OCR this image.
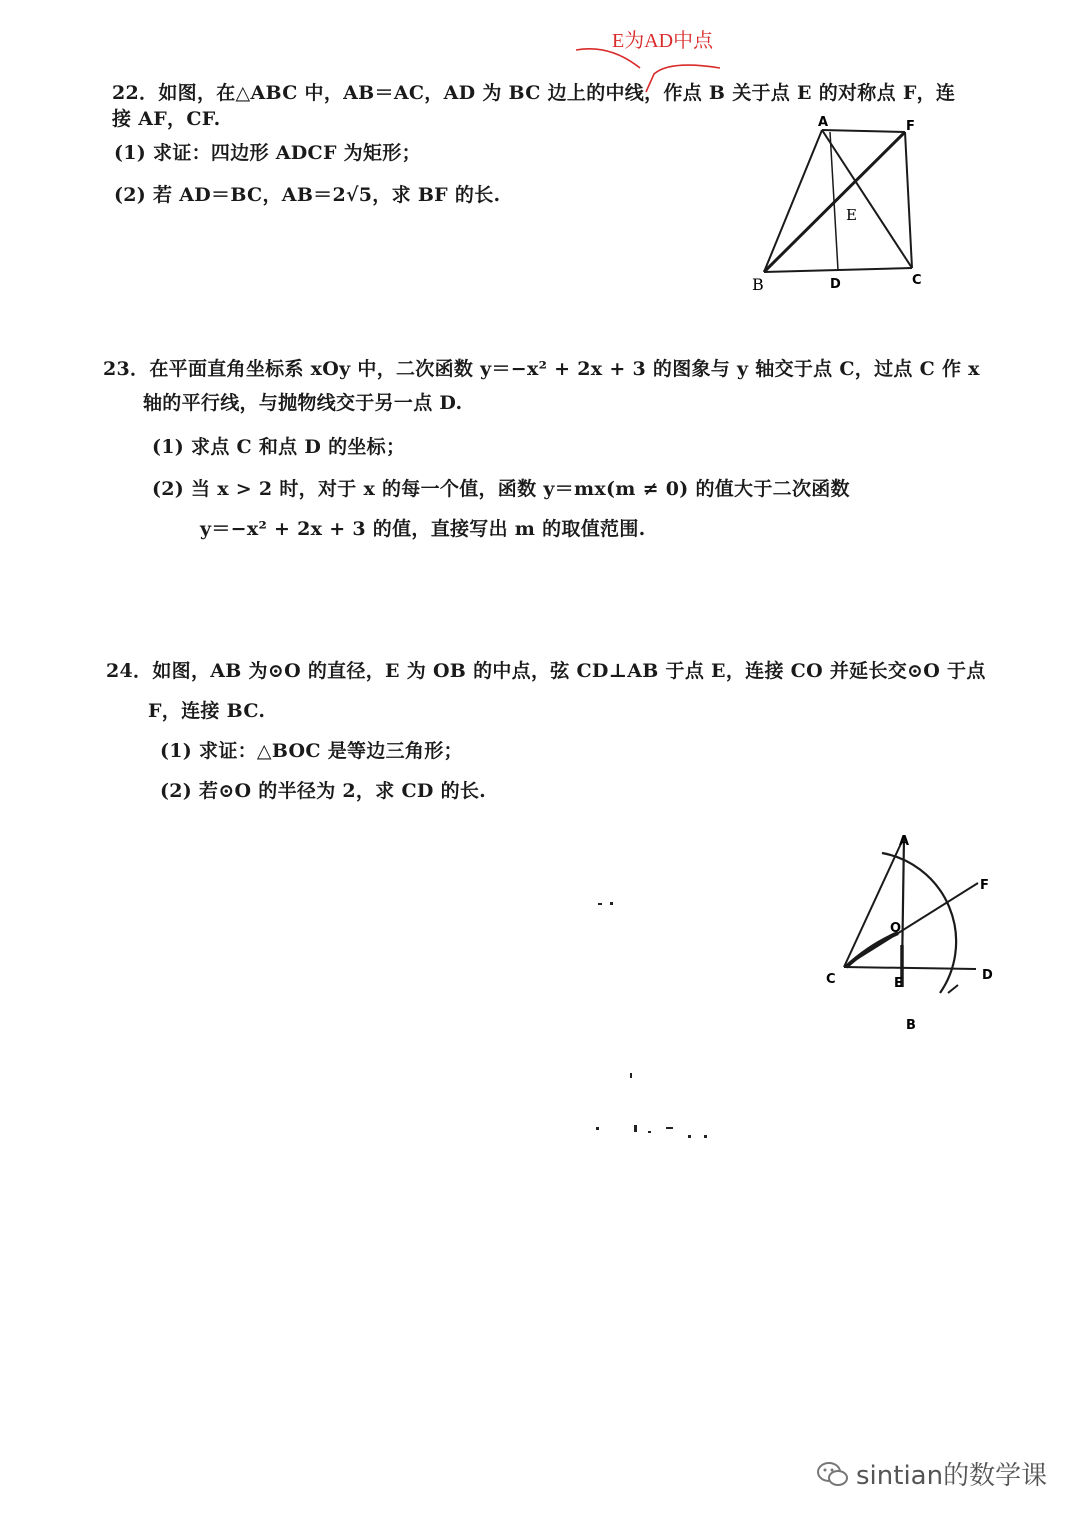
E为AD中点
22．如图，在△ABC 中，AB＝AC，AD 为 BC 边上的中线，作点 B 关于点 E 的对称点 F，连
接 AF，CF.
(1) 求证：四边形 ADCF 为矩形；
(2) 若 AD＝BC，AB＝2√5，求 BF 的长.
A	F
E
B	D	C
23．在平面直角坐标系 xOy 中，二次函数 y＝−x² + 2x + 3 的图象与 y 轴交于点 C，过点 C 作 x
轴的平行线，与抛物线交于另一点 D.
(1) 求点 C 和点 D 的坐标；
(2) 当 x > 2 时，对于 x 的每一个值，函数 y＝mx(m ≠ 0) 的值大于二次函数
y＝−x² + 2x + 3 的值，直接写出 m 的取值范围.
24．如图，AB 为⊙O 的直径，E 为 OB 的中点，弦 CD⊥AB 于点 E，连接 CO 并延长交⊙O 于点
F，连接 BC.
(1) 求证：△BOC 是等边三角形；
(2) 若⊙O 的半径为 2，求 CD 的长.
A
F
O
C	E
D
B
sintian的数学课
